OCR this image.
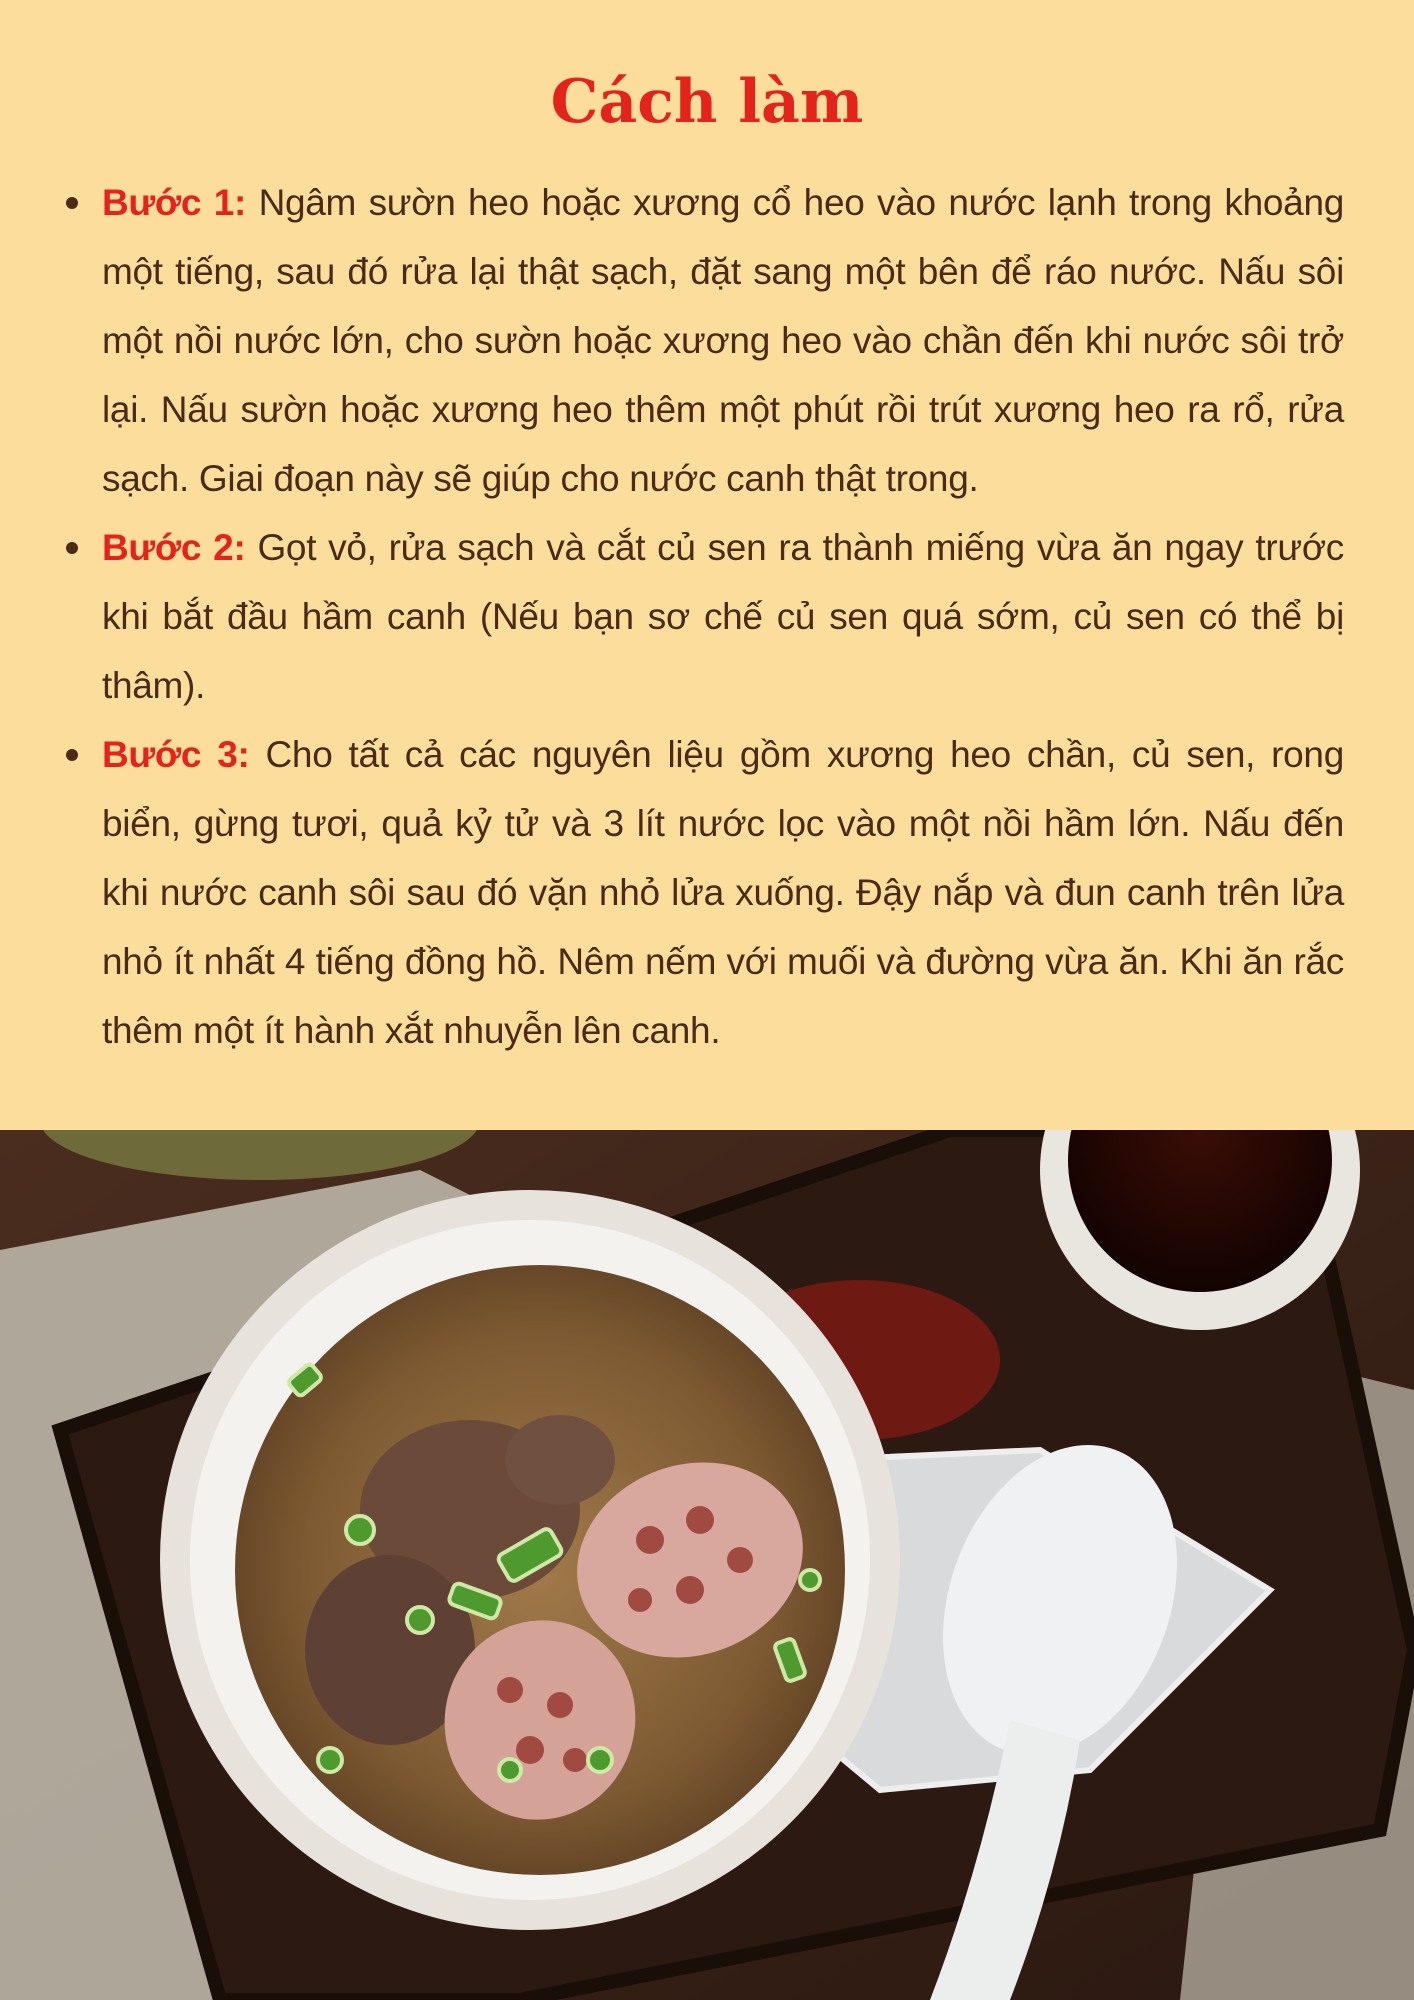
Cách làm
Bước 1: Ngâm sườn heo hoặc xương cổ heo vào nước lạnh trong khoảng một tiếng, sau đó rửa lại thật sạch, đặt sang một bên để ráo nước. Nấu sôi một nồi nước lớn, cho sườn hoặc xương heo vào chần đến khi nước sôi trở lại. Nấu sườn hoặc xương heo thêm một phút rồi trút xương heo ra rổ, rửa sạch. Giai đoạn này sẽ giúp cho nước canh thật trong.
Bước 2: Gọt vỏ, rửa sạch và cắt củ sen ra thành miếng vừa ăn ngay trước khi bắt đầu hầm canh (Nếu bạn sơ chế củ sen quá sớm, củ sen có thể bị thâm).
Bước 3: Cho tất cả các nguyên liệu gồm xương heo chần, củ sen, rong biển, gừng tươi, quả kỷ tử và 3 lít nước lọc vào một nồi hầm lớn. Nấu đến khi nước canh sôi sau đó vặn nhỏ lửa xuống. Đậy nắp và đun canh trên lửa nhỏ ít nhất 4 tiếng đồng hồ. Nêm nếm với muối và đường vừa ăn. Khi ăn rắc thêm một ít hành xắt nhuyễn lên canh.
